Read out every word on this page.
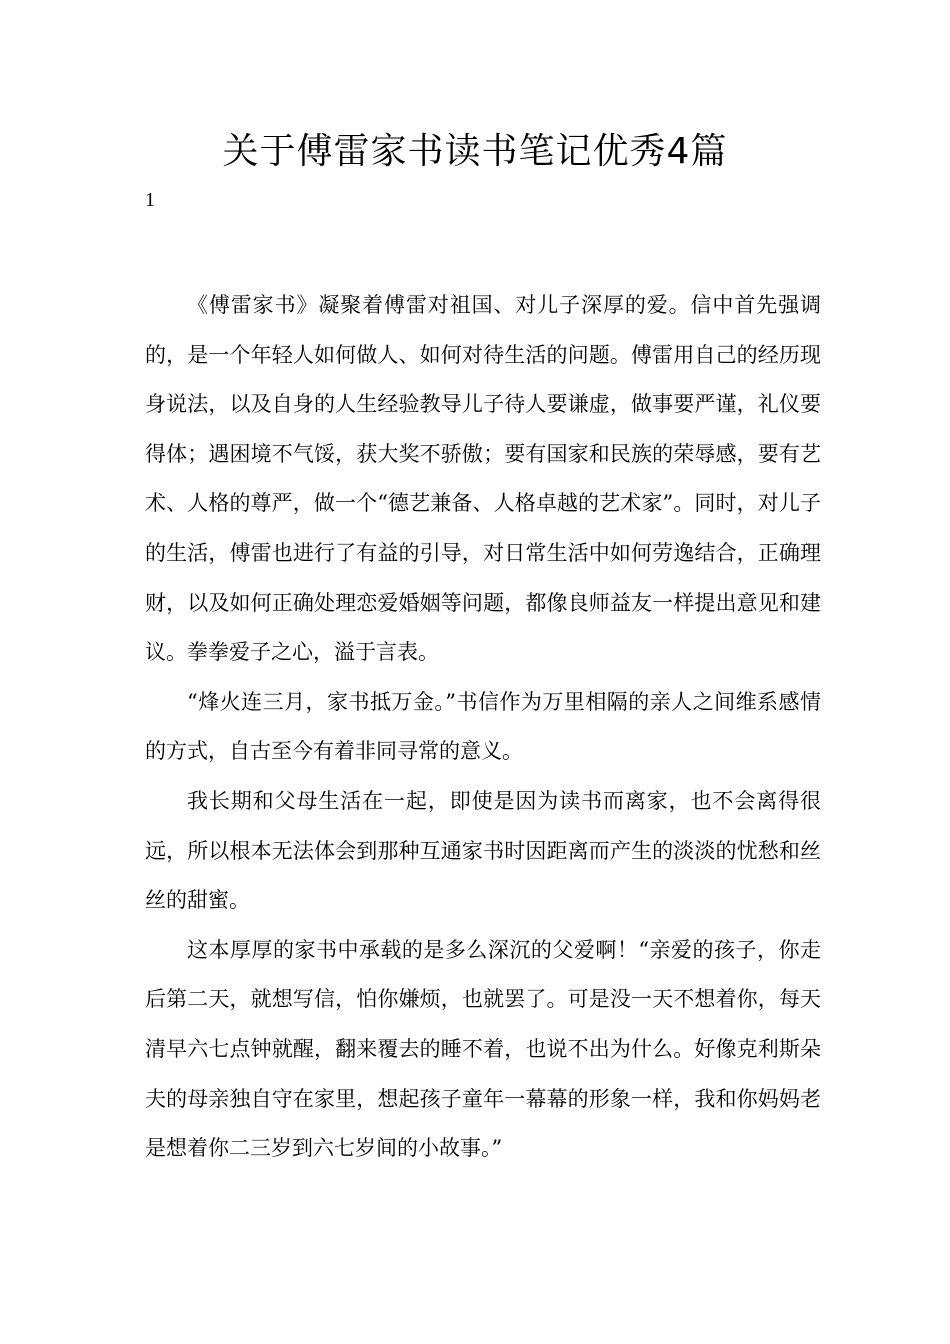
关于傅雷家书读书笔记优秀4篇
1

《傅雷家书》凝聚着傅雷对祖国、对儿子深厚的爱。信中首先强调的，是一个年轻人如何做人、如何对待生活的问题。傅雷用自己的经历现身说法，以及自身的人生经验教导儿子待人要谦虚，做事要严谨，礼仪要得体；遇困境不气馁，获大奖不骄傲；要有国家和民族的荣辱感，要有艺术、人格的尊严，做一个“德艺兼备、人格卓越的艺术家”。同时，对儿子的生活，傅雷也进行了有益的引导，对日常生活中如何劳逸结合，正确理财，以及如何正确处理恋爱婚姻等问题，都像良师益友一样提出意见和建议。拳拳爱子之心，溢于言表。

“烽火连三月，家书抵万金。”书信作为万里相隔的亲人之间维系感情的方式，自古至今有着非同寻常的意义。

我长期和父母生活在一起，即使是因为读书而离家，也不会离得很远，所以根本无法体会到那种互通家书时因距离而产生的淡淡的忧愁和丝丝的甜蜜。

这本厚厚的家书中承载的是多么深沉的父爱啊！“亲爱的孩子，你走后第二天，就想写信，怕你嫌烦，也就罢了。可是没一天不想着你，每天清早六七点钟就醒，翻来覆去的睡不着，也说不出为什么。好像克利斯朵夫的母亲独自守在家里，想起孩子童年一幕幕的形象一样，我和你妈妈老是想着你二三岁到六七岁间的小故事。”
